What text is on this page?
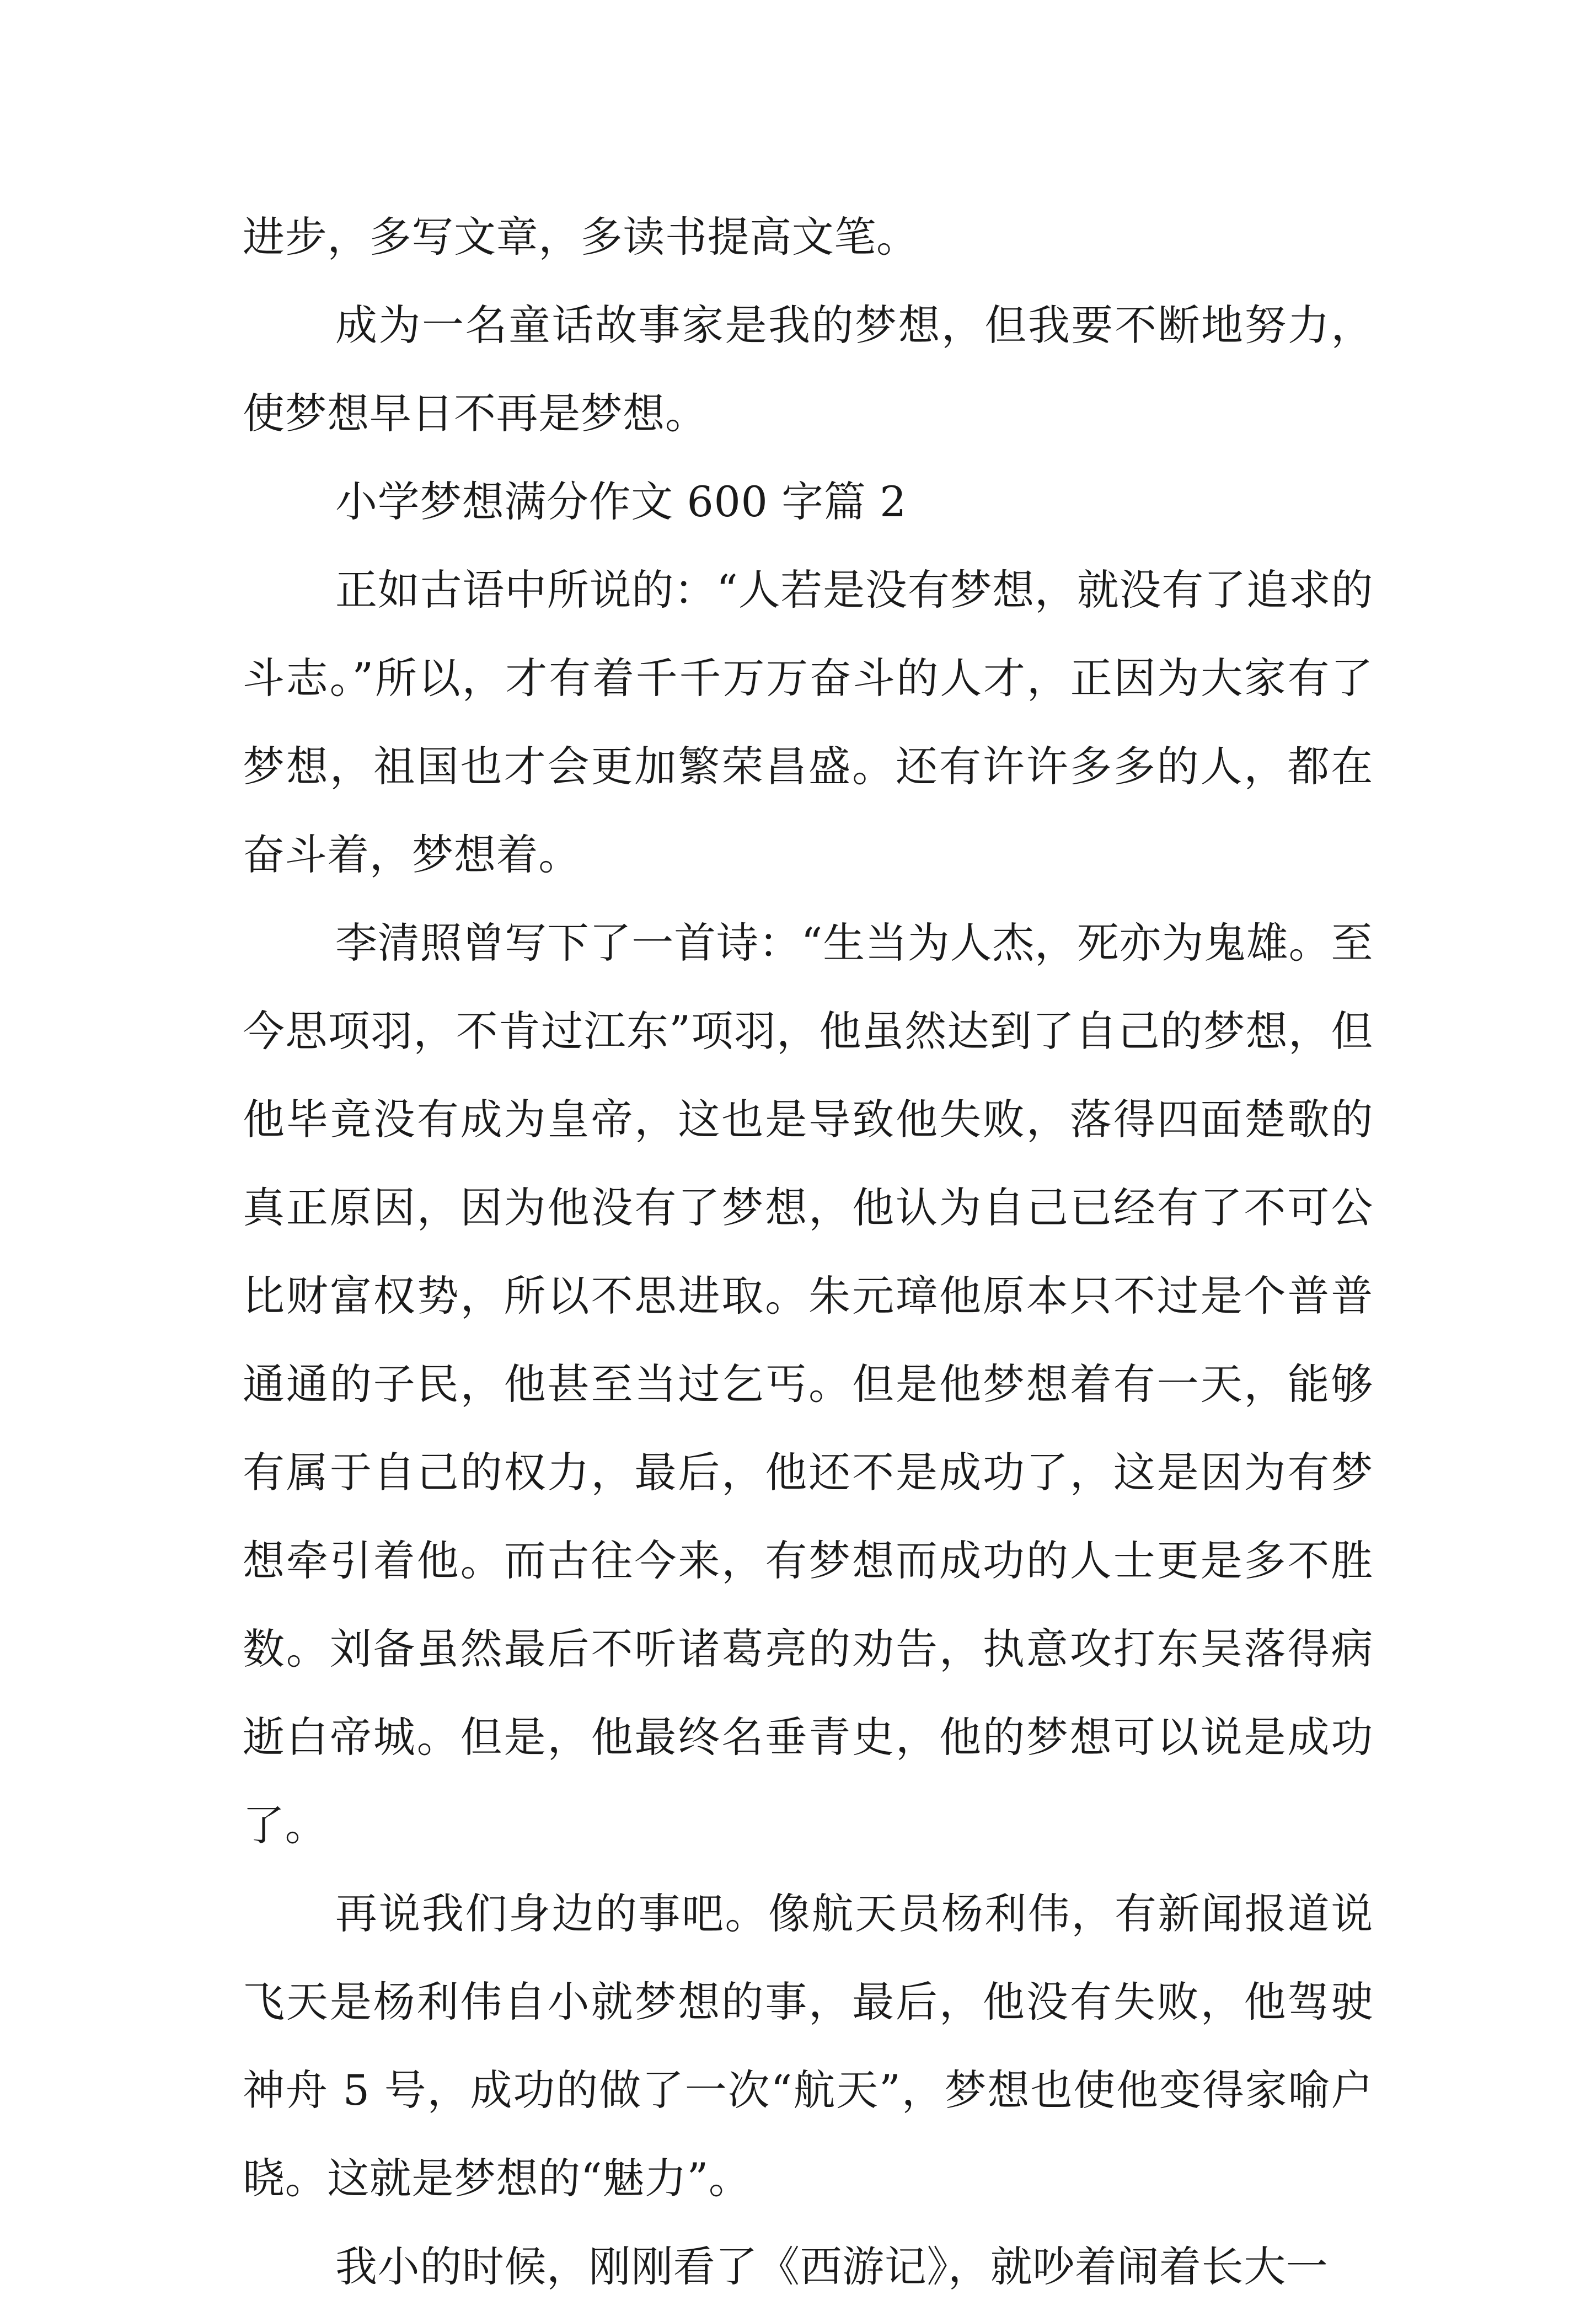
进步，多写文章，多读书提高文笔。

成为一名童话故事家是我的梦想，但我要不断地努力，使梦想早日不再是梦想。

小学梦想满分作文 600 字篇 2

正如古语中所说的：“人若是没有梦想，就没有了追求的斗志。”所以，才有着千千万万奋斗的人才，正因为大家有了梦想，祖国也才会更加繁荣昌盛。还有许许多多的人，都在奋斗着，梦想着。

李清照曾写下了一首诗：“生当为人杰，死亦为鬼雄。至今思项羽，不肯过江东”项羽，他虽然达到了自己的梦想，但他毕竟没有成为皇帝，这也是导致他失败，落得四面楚歌的真正原因，因为他没有了梦想，他认为自己已经有了不可公比财富权势，所以不思进取。朱元璋他原本只不过是个普普通通的子民，他甚至当过乞丐。但是他梦想着有一天，能够有属于自己的权力，最后，他还不是成功了，这是因为有梦想牵引着他。而古往今来，有梦想而成功的人士更是多不胜数。刘备虽然最后不听诸葛亮的劝告，执意攻打东吴落得病逝白帝城。但是，他最终名垂青史，他的梦想可以说是成功了。

再说我们身边的事吧。像航天员杨利伟，有新闻报道说飞天是杨利伟自小就梦想的事，最后，他没有失败，他驾驶神舟 5 号，成功的做了一次“航天”，梦想也使他变得家喻户晓。这就是梦想的“魅力”。

我小的时候，刚刚看了《西游记》，就吵着闹着长大一
